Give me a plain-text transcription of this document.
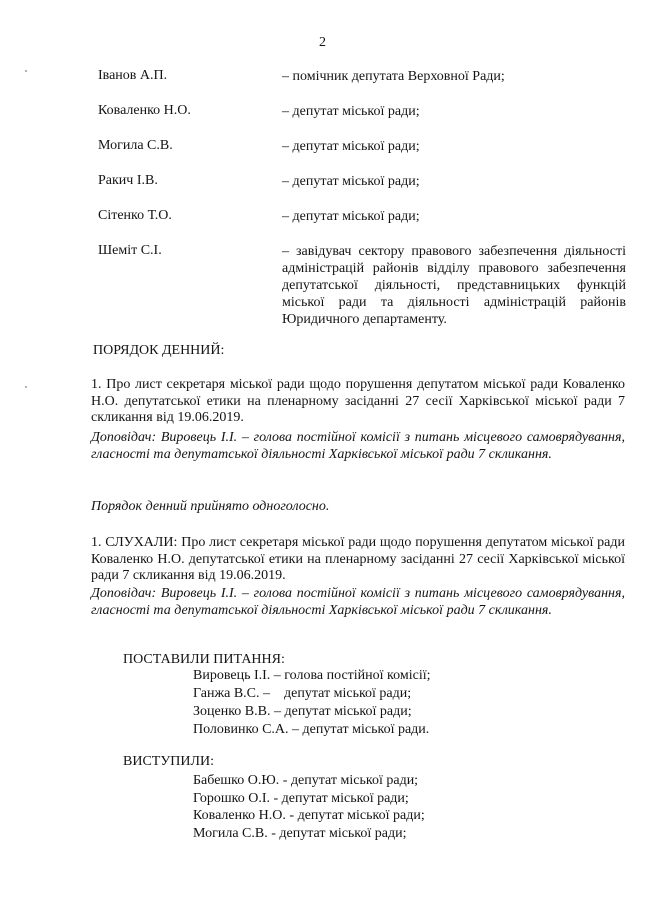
2
Іванов А.П.	– помічник депутата Верховної Ради;
Коваленко Н.О.	– депутат міської ради;
Могила С.В.	– депутат міської ради;
Ракич І.В.	– депутат міської ради;
Сітенко Т.О.	– депутат міської ради;
Шеміт С.І.	– завідувач сектору правового забезпечення діяльності адміністрацій районів відділу правового забезпечення депутатської діяльності, представницьких функцій міської ради та діяльності адміністрацій районів Юридичного департаменту.
ПОРЯДОК ДЕННИЙ:
1. Про лист секретаря міської ради щодо порушення депутатом міської ради Коваленко Н.О. депутатської етики на пленарному засіданні 27 сесії Харківської міської ради 7 скликання від 19.06.2019.
Доповідач: Вировець І.І. – голова постійної комісії з питань місцевого самоврядування, гласності та депутатської діяльності Харківської міської ради 7 скликання.
Порядок денний прийнято одноголосно.
1. СЛУХАЛИ: Про лист секретаря міської ради щодо порушення депутатом міської ради Коваленко Н.О. депутатської етики на пленарному засіданні 27 сесії Харківської міської ради 7 скликання від 19.06.2019.
Доповідач: Вировець І.І. – голова постійної комісії з питань місцевого самоврядування, гласності та депутатської діяльності Харківської міської ради 7 скликання.
ПОСТАВИЛИ ПИТАННЯ:
Вировець І.І. – голова постійної комісії;
Ганжа В.С. –    депутат міської ради;
Зоценко В.В. – депутат міської ради;
Половинко С.А. – депутат міської ради.
ВИСТУПИЛИ:
Бабешко О.Ю. - депутат міської ради;
Горошко О.І. - депутат міської ради;
Коваленко Н.О. - депутат міської ради;
Могила С.В. - депутат міської ради;
